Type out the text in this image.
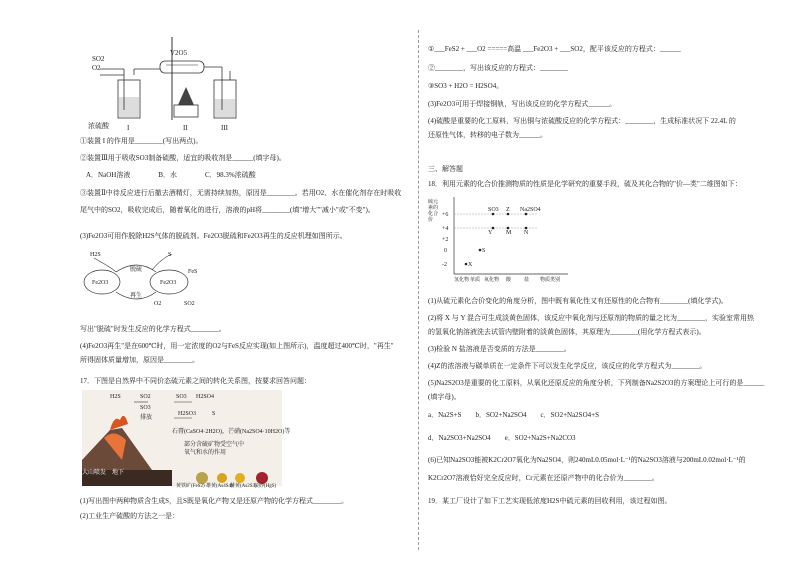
SO2
O2
V2O5
浓硫酸	I	II	III
①装置 I 的作用是________(写出两点)。
②装置Ⅲ用于吸收SO3制备硫酸，适宜的吸收剂是______(填字母)。
A．NaOH溶液　　　　B．水　　　　C．98.3%浓硫酸
③装置Ⅱ中待反应进行后撤去酒精灯，无需持续加热，原因是________。若用O2、水在催化剂存在时吸收
尾气中的SO2，吸收完成后，随着氧化的进行，溶液的pH将________(填"增大""减小"或"不变")。
(3)Fe2O3可用作脱除H2S气体的脱硫剂。Fe2O3脱硫和Fe2O3再生的反应机理如图所示。
H2S	S
FeS
Fe2O3	Fe2O3
脱硫
再生
O2	SO2
写出"脱硫"时发生反应的化学方程式________。
(4)Fe2O3再生"是在600℃时，用一定浓度的O2与FeS反应实现(如上图所示)，温度超过400℃时，"再生"
所得固体质量增加，原因是________。
17．下图是自然界中不同价态硫元素之间的转化关系图，按要求回答问题：
H2S	SO2	SO3 H2SO4
H2SO3	S
SO3
排放
大山喷发　地下
石膏(CaSO4·2H2O)，芒硝(Na2SO4·10H2O)等
部分含硫矿物受空气中
氧气和水的作用
黄铁矿(FeS2) 雄黄(As4S4)
雌黄(As2S3)
辰砂(HgS)
(1)写出图中两种物质含生成S，且S既是氧化产物又是还原产物的化学方程式________。
(2)工业生产硫酸的方法之一是：
①___FeS2 + ___O2 =====高温 ___Fe2O3 + ___SO2，配平该反应的方程式：______
②________，写出该反应的方程式：________
③SO3 + H2O = H2SO4。
(3)Fe2O3可用于焊接钢轨，写出该反应的化学方程式______。
(4)硫酸是重要的化工原料，写出铜与浓硫酸反应的化学方程式：________，生成标准状况下 22.4L 的
还原性气体，转移的电子数为______。
三、解答题
18．利用元素的化合价推测物质的性质是化学研究的重要手段，硫及其化合物的"价—类"二维图如下：
硫元素的化合价
+6
+4
+2
0
-2
氢化物 单质 氧化物 酸	盐 物质类别
SO3 Z Na2SO4
Y M N
S
X
(1)从硫元素化合价变化的角度分析，图中既有氧化性又有还原性的化合物有________(填化学式)。
(2)将 X 与 Y 混合可生成淡黄色固体，该反应中氧化剂与还原剂的物质的量之比为________，实验室常用热
的氢氧化钠溶液洗去试管内壁附着的淡黄色固体，其原理为________(用化学方程式表示)。
(3)检验 N 盐溶液是否变质的方法是________。
(4)Z的浓溶液与碳单质在一定条件下可以发生化学反应，该反应的化学方程式为________。
(5)Na2S2O3是重要的化工原料，从氧化还原反应的角度分析，下列制备Na2S2O3的方案理论上可行的是______
(填字母)。
a．Na2S+S　　b．SO2+Na2SO4　　c．SO2+Na2SO4+S
d．Na2SO3+Na2SO4　　e．SO2+Na2S+Na2CO3
(6)已知Na2SO3能被K2Cr2O7氧化为Na2SO4，则240mL0.05mol·L⁻¹的Na2SO3溶液与200mL0.02mol·L⁻¹的
K2Cr2O7溶液恰好完全反应时，Cr元素在还原产物中的化合价为________。
19．某工厂设计了如下工艺实现低浓度H2S中硫元素的回收利用，该过程如图。
